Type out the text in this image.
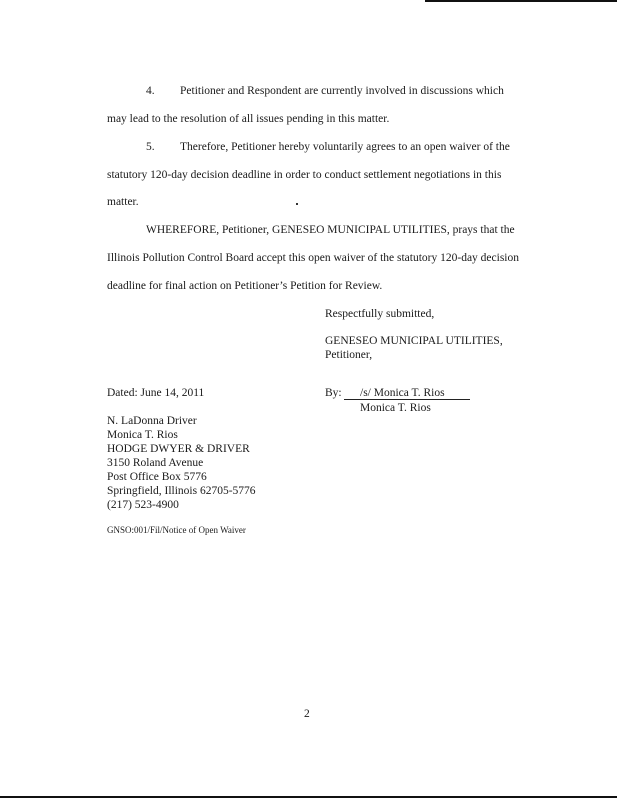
4. Petitioner and Respondent are currently involved in discussions which
may lead to the resolution of all issues pending in this matter.
5. Therefore, Petitioner hereby voluntarily agrees to an open waiver of the
statutory 120-day decision deadline in order to conduct settlement negotiations in this
matter.
WHEREFORE, Petitioner, GENESEO MUNICIPAL UTILITIES, prays that the
Illinois Pollution Control Board accept this open waiver of the statutory 120-day decision
deadline for final action on Petitioner’s Petition for Review.
Respectfully submitted,
GENESEO MUNICIPAL UTILITIES,
Petitioner,
Dated: June 14, 2011	By: /s/ Monica T. Rios
Monica T. Rios
N. LaDonna Driver
Monica T. Rios
HODGE DWYER & DRIVER
3150 Roland Avenue
Post Office Box 5776
Springfield, Illinois 62705-5776
(217) 523-4900
GNSO:001/Fil/Notice of Open Waiver
2
